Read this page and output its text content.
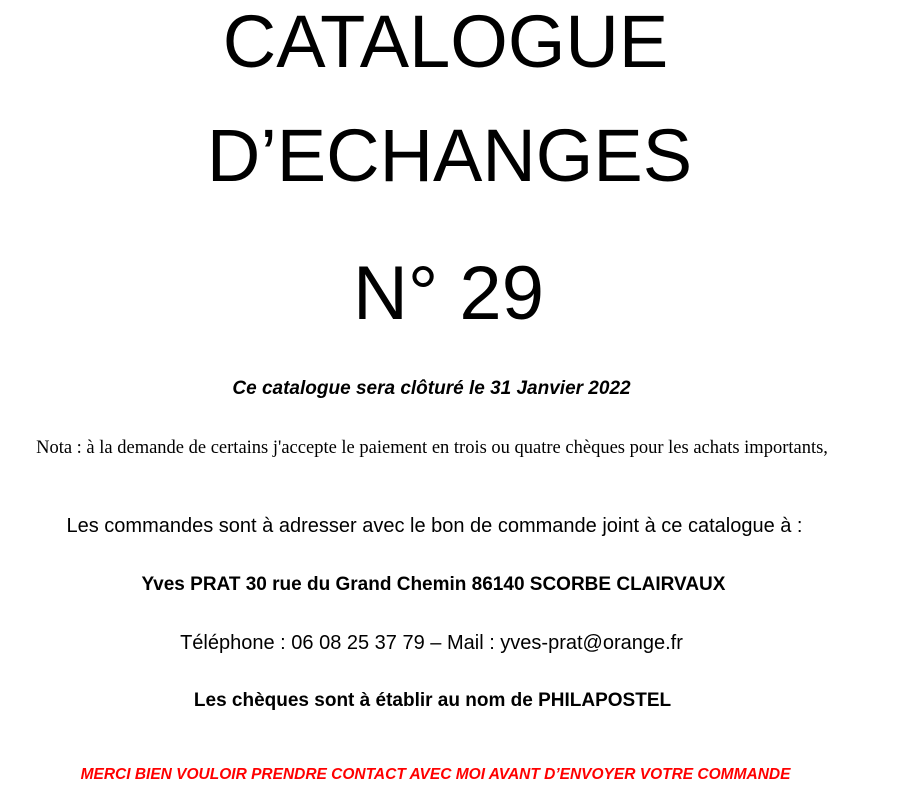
CATALOGUE
D’ECHANGES
N° 29

Ce catalogue sera clôturé le 31 Janvier 2022

Nota : à la demande de certains j'accepte le paiement en trois ou quatre chèques pour les achats importants,

Les commandes sont à adresser avec le bon de commande joint à ce catalogue à :

Yves PRAT 30 rue du Grand Chemin 86140 SCORBE CLAIRVAUX

Téléphone : 06 08 25 37 79 – Mail : yves-prat@orange.fr

Les chèques sont à établir au nom de PHILAPOSTEL

MERCI BIEN VOULOIR PRENDRE CONTACT AVEC MOI AVANT D’ENVOYER VOTRE COMMANDE
